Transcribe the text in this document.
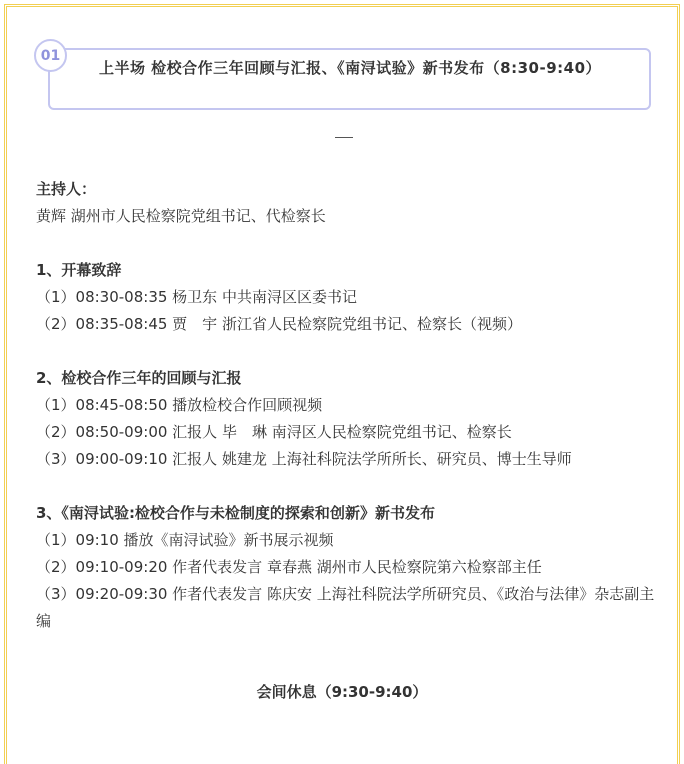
01
上半场 检校合作三年回顾与汇报、《南浔试验》新书发布（8:30-9:40）
主持人：
黄辉 湖州市人民检察院党组书记、代检察长
1、开幕致辞
（1）08:30-08:35 杨卫东 中共南浔区区委书记
（2）08:35-08:45 贾　宇 浙江省人民检察院党组书记、检察长（视频）
2、检校合作三年的回顾与汇报
（1）08:45-08:50 播放检校合作回顾视频
（2）08:50-09:00 汇报人 毕　琳 南浔区人民检察院党组书记、检察长
（3）09:00-09:10 汇报人 姚建龙 上海社科院法学所所长、研究员、博士生导师
3、《南浔试验:检校合作与未检制度的探索和创新》新书发布
（1）09:10 播放《南浔试验》新书展示视频
（2）09:10-09:20 作者代表发言 章春燕 湖州市人民检察院第六检察部主任
（3）09:20-09:30 作者代表发言 陈庆安 上海社科院法学所研究员、《政治与法律》杂志副主编
会间休息（9:30-9:40）
